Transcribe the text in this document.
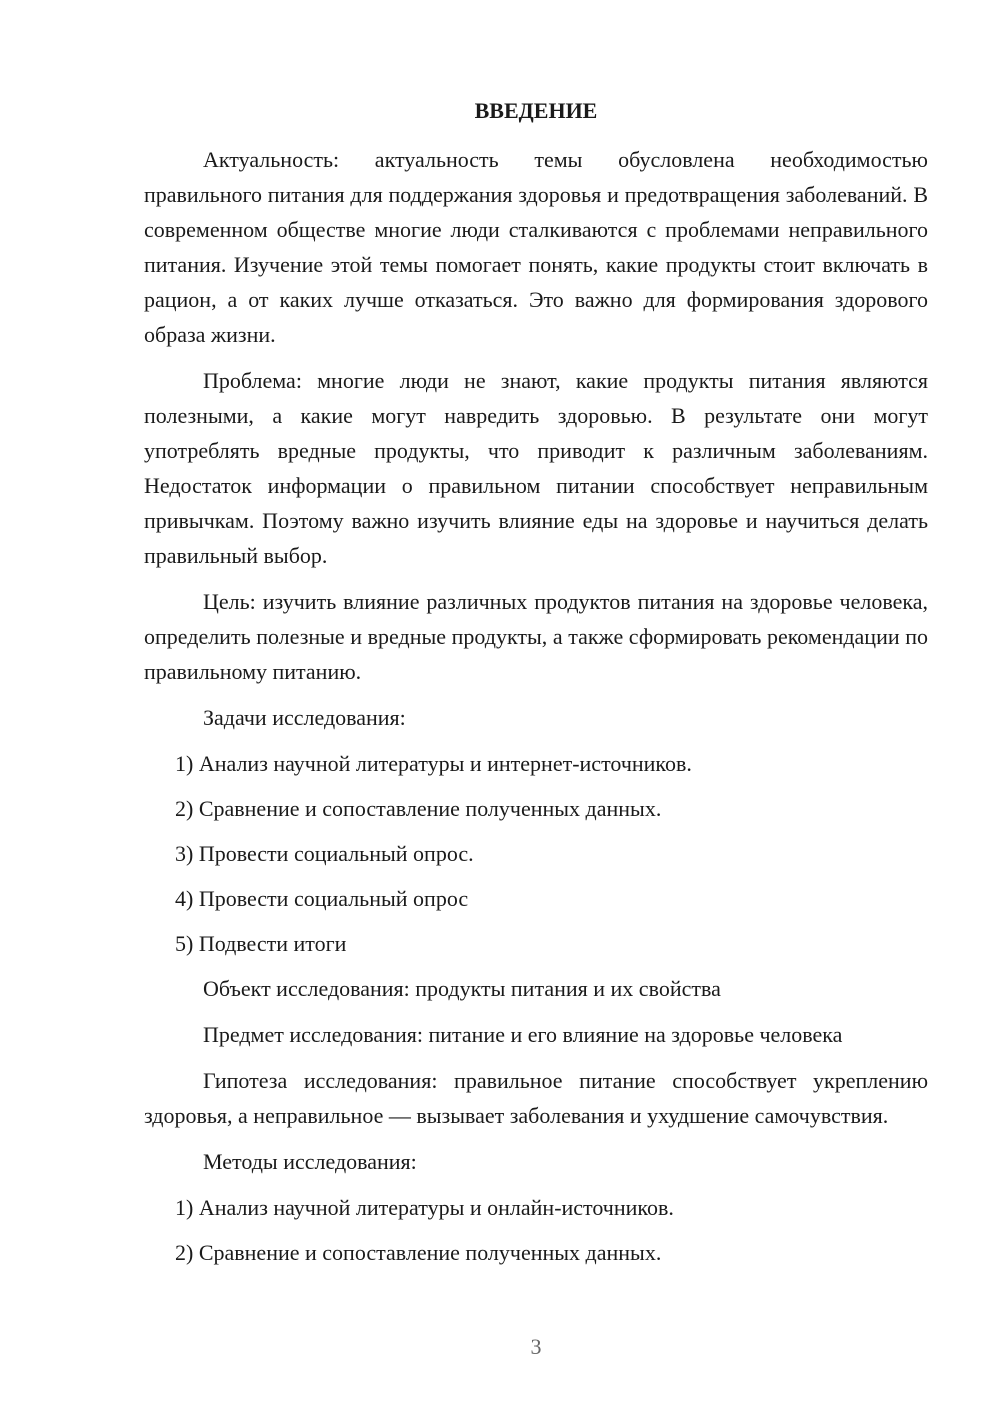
ВВЕДЕНИЕ

Актуальность: актуальность темы обусловлена необходимостью правильного питания для поддержания здоровья и предотвращения заболеваний. В современном обществе многие люди сталкиваются с проблемами неправильного питания. Изучение этой темы помогает понять, какие продукты стоит включать в рацион, а от каких лучше отказаться. Это важно для формирования здорового образа жизни.

Проблема: многие люди не знают, какие продукты питания являются полезными, а какие могут навредить здоровью. В результате они могут употреблять вредные продукты, что приводит к различным заболеваниям. Недостаток информации о правильном питании способствует неправильным привычкам. Поэтому важно изучить влияние еды на здоровье и научиться делать правильный выбор.

Цель: изучить влияние различных продуктов питания на здоровье человека, определить полезные и вредные продукты, а также сформировать рекомендации по правильному питанию.

Задачи исследования:
1) Анализ научной литературы и интернет-источников.
2) Сравнение и сопоставление полученных данных.
3) Провести социальный опрос.
4) Провести социальный опрос
5) Подвести итоги
Объект исследования: продукты питания и их свойства
Предмет исследования: питание и его влияние на здоровье человека

Гипотеза исследования: правильное питание способствует укреплению здоровья, а неправильное — вызывает заболевания и ухудшение самочувствия.

Методы исследования:
1) Анализ научной литературы и онлайн-источников.
2) Сравнение и сопоставление полученных данных.
3
